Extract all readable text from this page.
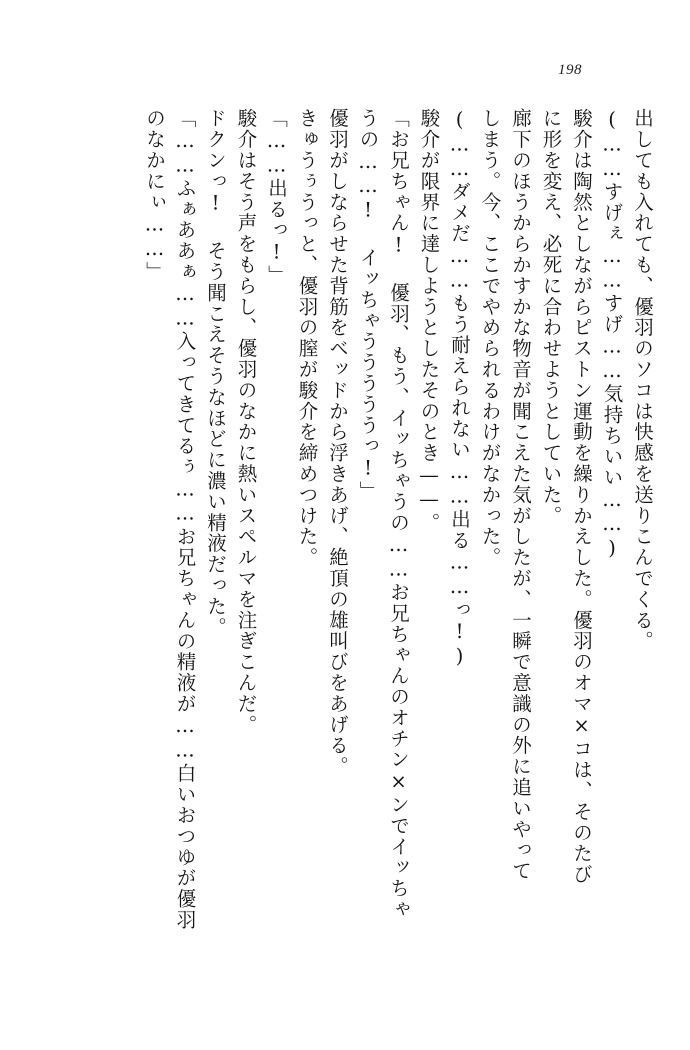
198
出しても入れても、優羽のソコは快感を送りこんでくる。
(……すげぇ……すげ……気持ちいい……)
駿介は陶然としながらピストン運動を繰りかえした。優羽のオマ×コは、そのたび
に形を変え、必死に合わせようとしていた。
廊下のほうからかすかな物音が聞こえた気がしたが、一瞬で意識の外に追いやって
しまう。今、ここでやめられるわけがなかった。
(……ダメだ……もう耐えられない……出る……っ!)
駿介が限界に達しようとしたそのとき——。
「お兄ちゃん! 優羽、もう、イッちゃうの……お兄ちゃんのオチン×ンでイッちゃ
うの……! イッちゃうううううっ!」
優羽がしならせた背筋をベッドから浮きあげ、絶頂の雄叫びをあげる。
きゅうぅうっと、優羽の膣が駿介を締めつけた。
「……出るっ!」
駿介はそう声をもらし、優羽のなかに熱いスペルマを注ぎこんだ。
ドクンっ! そう聞こえそうなほどに濃い精液だった。
「……ふぁああぁ……入ってきてるぅ……お兄ちゃんの精液が……白いおつゆが優羽
のなかにぃ……」
